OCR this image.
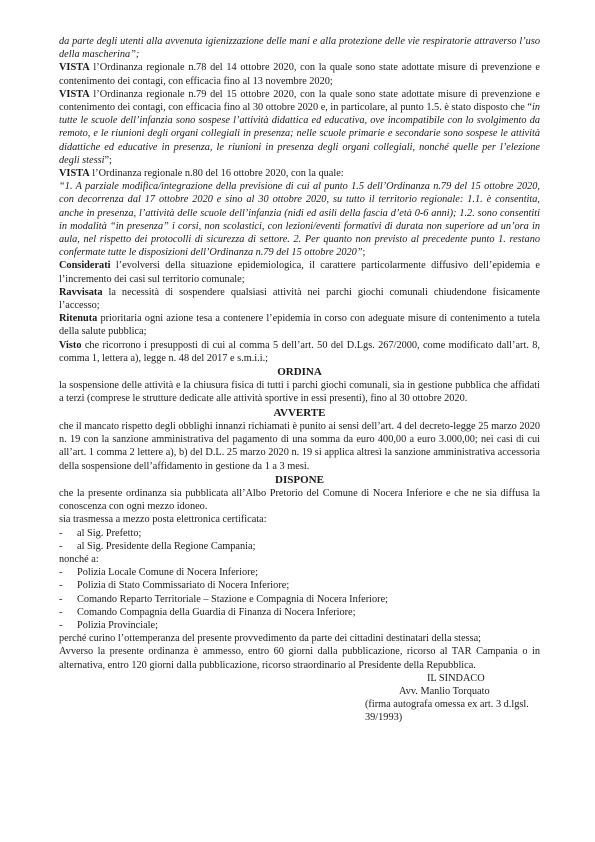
da parte degli utenti alla avvenuta igienizzazione delle mani e alla protezione delle vie respiratorie attraverso l’uso della mascherina”;

VISTA l’Ordinanza regionale n.78 del 14 ottobre 2020, con la quale sono state adottate misure di prevenzione e contenimento dei contagi, con efficacia fino al 13 novembre 2020;

VISTA l’Ordinanza regionale n.79 del 15 ottobre 2020, con la quale sono state adottate misure di prevenzione e contenimento dei contagi, con efficacia fino al 30 ottobre 2020 e, in particolare, al punto 1.5. è stato disposto che “in tutte le scuole dell’infanzia sono sospese l’attività didattica ed educativa, ove incompatibile con lo svolgimento da remoto, e le riunioni degli organi collegiali in presenza; nelle scuole primarie e secondarie sono sospese le attività didattiche ed educative in presenza, le riunioni in presenza degli organi collegiali, nonché quelle per l’elezione degli stessi”;

VISTA l’Ordinanza regionale n.80 del 16 ottobre 2020, con la quale:

“1. A parziale modifica/integrazione della previsione di cui al punto 1.5 dell’Ordinanza n.79 del 15 ottobre 2020, con decorrenza dal 17 ottobre 2020 e sino al 30 ottobre 2020, su tutto il territorio regionale: 1.1. è consentita, anche in presenza, l’attività delle scuole dell’infanzia (nidi ed asili della fascia d’età 0-6 anni); 1.2. sono consentiti in modalità “in presenza” i corsi, non scolastici, con lezioni/eventi formativi di durata non superiore ad un’ora in aula, nel rispetto dei protocolli di sicurezza di settore. 2. Per quanto non previsto al precedente punto 1. restano confermate tutte le disposizioni dell’Ordinanza n.79 del 15 ottobre 2020”;

Considerati l’evolversi della situazione epidemiologica, il carattere particolarmente diffusivo dell’epidemia e l’incremento dei casi sul territorio comunale;

Ravvisata la necessità di sospendere qualsiasi attività nei parchi giochi comunali chiudendone fisicamente l’accesso;

Ritenuta prioritaria ogni azione tesa a contenere l’epidemia in corso con adeguate misure di contenimento a tutela della salute pubblica;

Visto che ricorrono i presupposti di cui al comma 5 dell’art. 50 del D.Lgs. 267/2000, come modificato dall’art. 8, comma 1, lettera a), legge n. 48 del 2017 e s.m.i.i.;

ORDINA

la sospensione delle attività e la chiusura fisica di tutti i parchi giochi comunali, sia in gestione pubblica che affidati a terzi (comprese le strutture dedicate alle attività sportive in essi presenti), fino al 30 ottobre 2020.

AVVERTE

che il mancato rispetto degli obblighi innanzi richiamati è punito ai sensi dell’art. 4 del decreto-legge 25 marzo 2020 n. 19 con la sanzione amministrativa del pagamento di una somma da euro 400,00 a euro 3.000,00; nei casi di cui all’art. 1 comma 2 lettere a), b) del D.L. 25 marzo 2020 n. 19 si applica altresì la sanzione amministrativa accessoria della sospensione dell’affidamento in gestione da 1 a 3 mesi.

DISPONE

che la presente ordinanza sia pubblicata all’Albo Pretorio del Comune di Nocera Inferiore e che ne sia diffusa la conoscenza con ogni mezzo idoneo.

sia trasmessa a mezzo posta elettronica certificata:

- al Sig. Prefetto;
- al Sig. Presidente della Regione Campania;

nonché a:

- Polizia Locale Comune di Nocera Inferiore;
- Polizia di Stato Commissariato di Nocera Inferiore;
- Comando Reparto Territoriale – Stazione e Compagnia di Nocera Inferiore;
- Comando Compagnia della Guardia di Finanza di Nocera Inferiore;
- Polizia Provinciale;

perché curino l’ottemperanza del presente provvedimento da parte dei cittadini destinatari della stessa;

Avverso la presente ordinanza è ammesso, entro 60 giorni dalla pubblicazione, ricorso al TAR Campania o in alternativa, entro 120 giorni dalla pubblicazione, ricorso straordinario al Presidente della Repubblica.

IL SINDACO
Avv. Manlio Torquato
(firma autografa omessa ex art. 3 d.lgsl. 39/1993)
